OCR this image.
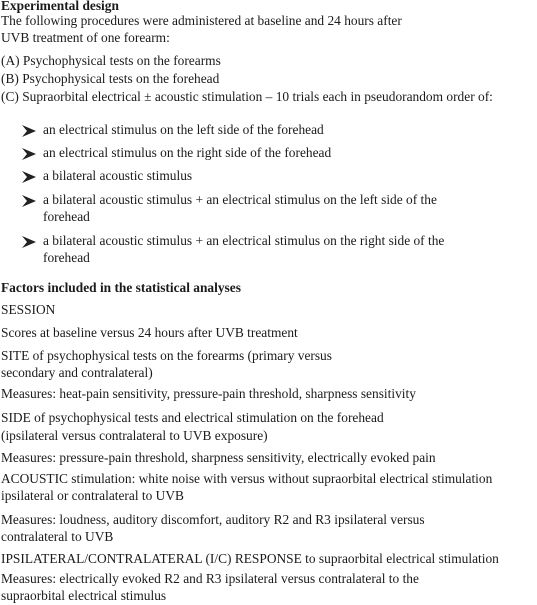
Experimental design
The following procedures were administered at baseline and 24 hours after
UVB treatment of one forearm:
(A) Psychophysical tests on the forearms
(B) Psychophysical tests on the forehead
(C) Supraorbital electrical ± acoustic stimulation – 10 trials each in pseudorandom order of:
an electrical stimulus on the left side of the forehead
an electrical stimulus on the right side of the forehead
a bilateral acoustic stimulus
a bilateral acoustic stimulus + an electrical stimulus on the left side of the
forehead
a bilateral acoustic stimulus + an electrical stimulus on the right side of the
forehead
Factors included in the statistical analyses
SESSION
Scores at baseline versus 24 hours after UVB treatment
SITE of psychophysical tests on the forearms (primary versus
secondary and contralateral)
Measures: heat-pain sensitivity, pressure-pain threshold, sharpness sensitivity
SIDE of psychophysical tests and electrical stimulation on the forehead
(ipsilateral versus contralateral to UVB exposure)
Measures: pressure-pain threshold, sharpness sensitivity, electrically evoked pain
ACOUSTIC stimulation: white noise with versus without supraorbital electrical stimulation
ipsilateral or contralateral to UVB
Measures: loudness, auditory discomfort, auditory R2 and R3 ipsilateral versus
contralateral to UVB
IPSILATERAL/CONTRALATERAL (I/C) RESPONSE to supraorbital electrical stimulation
Measures: electrically evoked R2 and R3 ipsilateral versus contralateral to the
supraorbital electrical stimulus
